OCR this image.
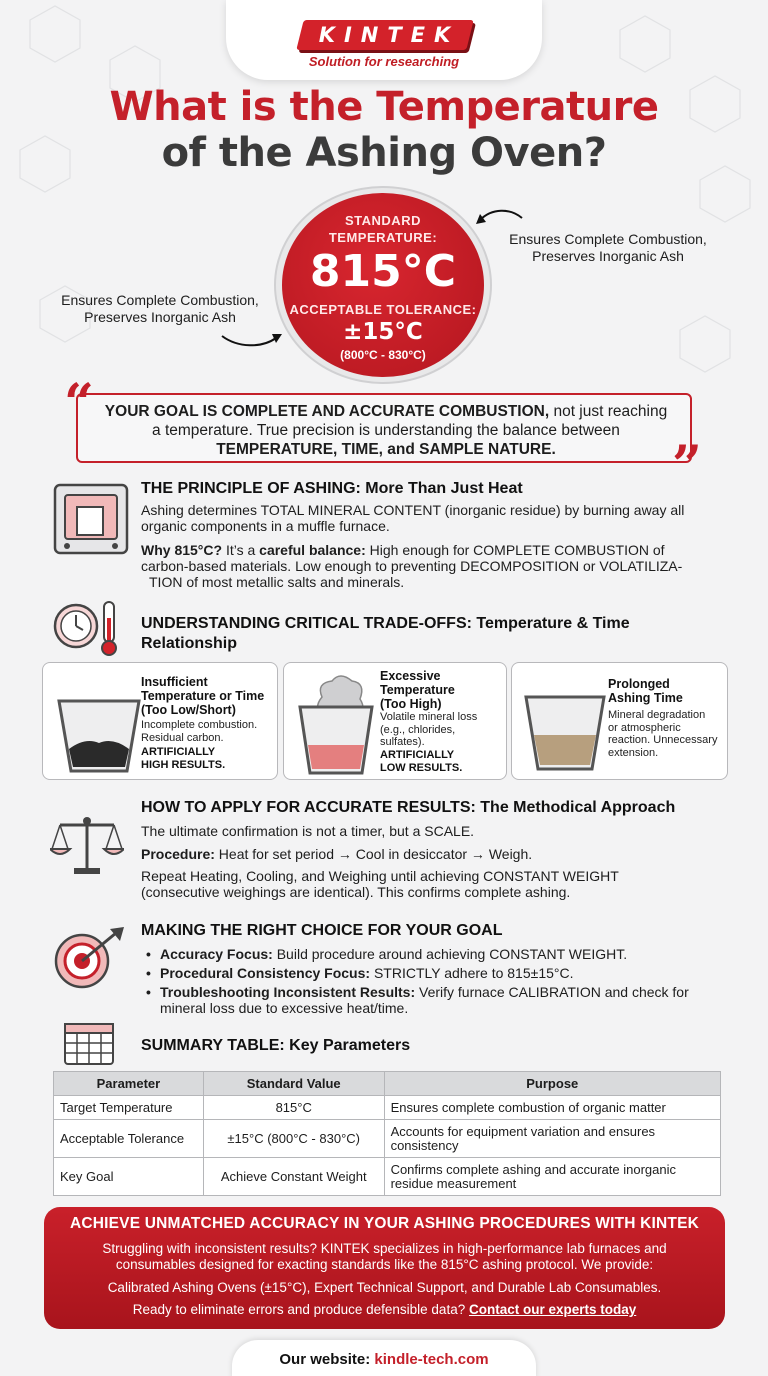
KINTEK
Solution for researching
What is the Temperature
of the Ashing Oven?
STANDARD
TEMPERATURE:
815°C
ACCEPTABLE TOLERANCE:
±15°C
(800°C - 830°C)
Ensures Complete Combustion,
Preserves Inorganic Ash
Ensures Complete Combustion,
Preserves Inorganic Ash
“
”
YOUR GOAL IS COMPLETE AND ACCURATE COMBUSTION, not just reaching
a temperature. True precision is understanding the balance between
TEMPERATURE, TIME, and SAMPLE NATURE.
THE PRINCIPLE OF ASHING: More Than Just Heat
Ashing determines TOTAL MINERAL CONTENT (inorganic residue) by burning away all
organic components in a muffle furnace.
Why 815°C? It’s a careful balance: High enough for COMPLETE COMBUSTION of
carbon-based materials. Low enough to preventing DECOMPOSITION or VOLATILIZA-
TION of most metallic salts and minerals.
UNDERSTANDING CRITICAL TRADE-OFFS: Temperature & Time
Relationship
Insufficient
Temperature or Time
(Too Low/Short)
Incomplete combustion.
Residual carbon.
ARTIFICIALLY
HIGH RESULTS.
Excessive
Temperature
(Too High)
Volatile mineral loss
(e.g., chlorides,
sulfates).
ARTIFICIALLY
LOW RESULTS.
Prolonged
Ashing Time
Mineral degradation
or atmospheric
reaction. Unnecessary
extension.
HOW TO APPLY FOR ACCURATE RESULTS: The Methodical Approach
The ultimate confirmation is not a timer, but a SCALE.
Procedure: Heat for set period → Cool in desiccator → Weigh.
Repeat Heating, Cooling, and Weighing until achieving CONSTANT WEIGHT
(consecutive weighings are identical). This confirms complete ashing.
MAKING THE RIGHT CHOICE FOR YOUR GOAL
• Accuracy Focus: Build procedure around achieving CONSTANT WEIGHT.
• Procedural Consistency Focus: STRICTLY adhere to 815±15°C.
• Troubleshooting Inconsistent Results: Verify furnace CALIBRATION and check for mineral loss due to excessive heat/time.
SUMMARY TABLE: Key Parameters
Parameter	Standard Value	Purpose
Target Temperature	815°C	Ensures complete combustion of organic matter
Acceptable Tolerance	±15°C (800°C - 830°C)	Accounts for equipment variation and ensures consistency
Key Goal	Achieve Constant Weight	Confirms complete ashing and accurate inorganic residue measurement
ACHIEVE UNMATCHED ACCURACY IN YOUR ASHING PROCEDURES WITH KINTEK
Struggling with inconsistent results? KINTEK specializes in high-performance lab furnaces and
consumables designed for exacting standards like the 815°C ashing protocol. We provide:
Calibrated Ashing Ovens (±15°C), Expert Technical Support, and Durable Lab Consumables.
Ready to eliminate errors and produce defensible data? Contact our experts today
Our website: kindle-tech.com
